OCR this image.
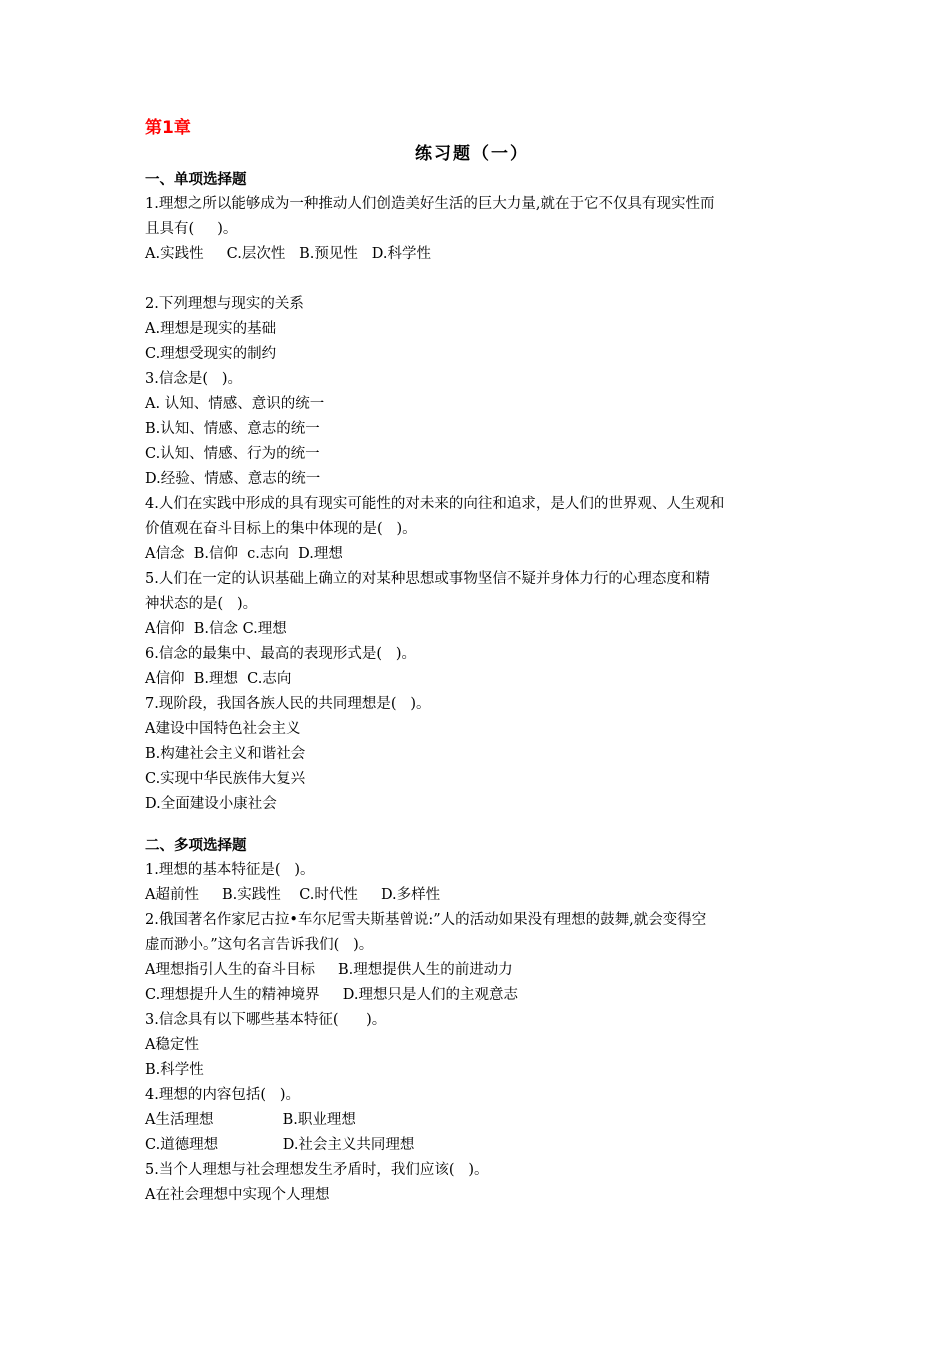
第1章
练习题（一）
一、单项选择题
1.理想之所以能够成为一种推动人们创造美好生活的巨大力量,就在于它不仅具有现实性而
且具有(     )。
A.实践性     C.层次性   B.预见性   D.科学性
2.下列理想与现实的关系
A.理想是现实的基础
C.理想受现实的制约
3.信念是(   )。
A. 认知、情感、意识的统一
B.认知、情感、意志的统一
C.认知、情感、行为的统一
D.经验、情感、意志的统一
4.人们在实践中形成的具有现实可能性的对未来的向往和追求，是人们的世界观、人生观和
价值观在奋斗目标上的集中体现的是(   )。
A信念  B.信仰  c.志向  D.理想
5.人们在一定的认识基础上确立的对某种思想或事物坚信不疑并身体力行的心理态度和精
神状态的是(   )。
A信仰  B.信念 C.理想
6.信念的最集中、最高的表现形式是(   )。
A信仰  B.理想  C.志向
7.现阶段，我国各族人民的共同理想是(   )。
A建设中国特色社会主义
B.构建社会主义和谐社会
C.实现中华民族伟大复兴
D.全面建设小康社会
二、多项选择题
1.理想的基本特征是(   )。
A超前性     B.实践性    C.时代性     D.多样性
2.俄国著名作家尼古拉•车尔尼雪夫斯基曾说:”人的活动如果没有理想的鼓舞,就会变得空
虚而渺小。”这句名言告诉我们(   )。
A理想指引人生的奋斗目标     B.理想提供人生的前进动力
C.理想提升人生的精神境界     D.理想只是人们的主观意志
3.信念具有以下哪些基本特征(      )。
A稳定性
B.科学性
4.理想的内容包括(   )。
A生活理想               B.职业理想
C.道德理想              D.社会主义共同理想
5.当个人理想与社会理想发生矛盾时，我们应该(   )。
A在社会理想中实现个人理想
